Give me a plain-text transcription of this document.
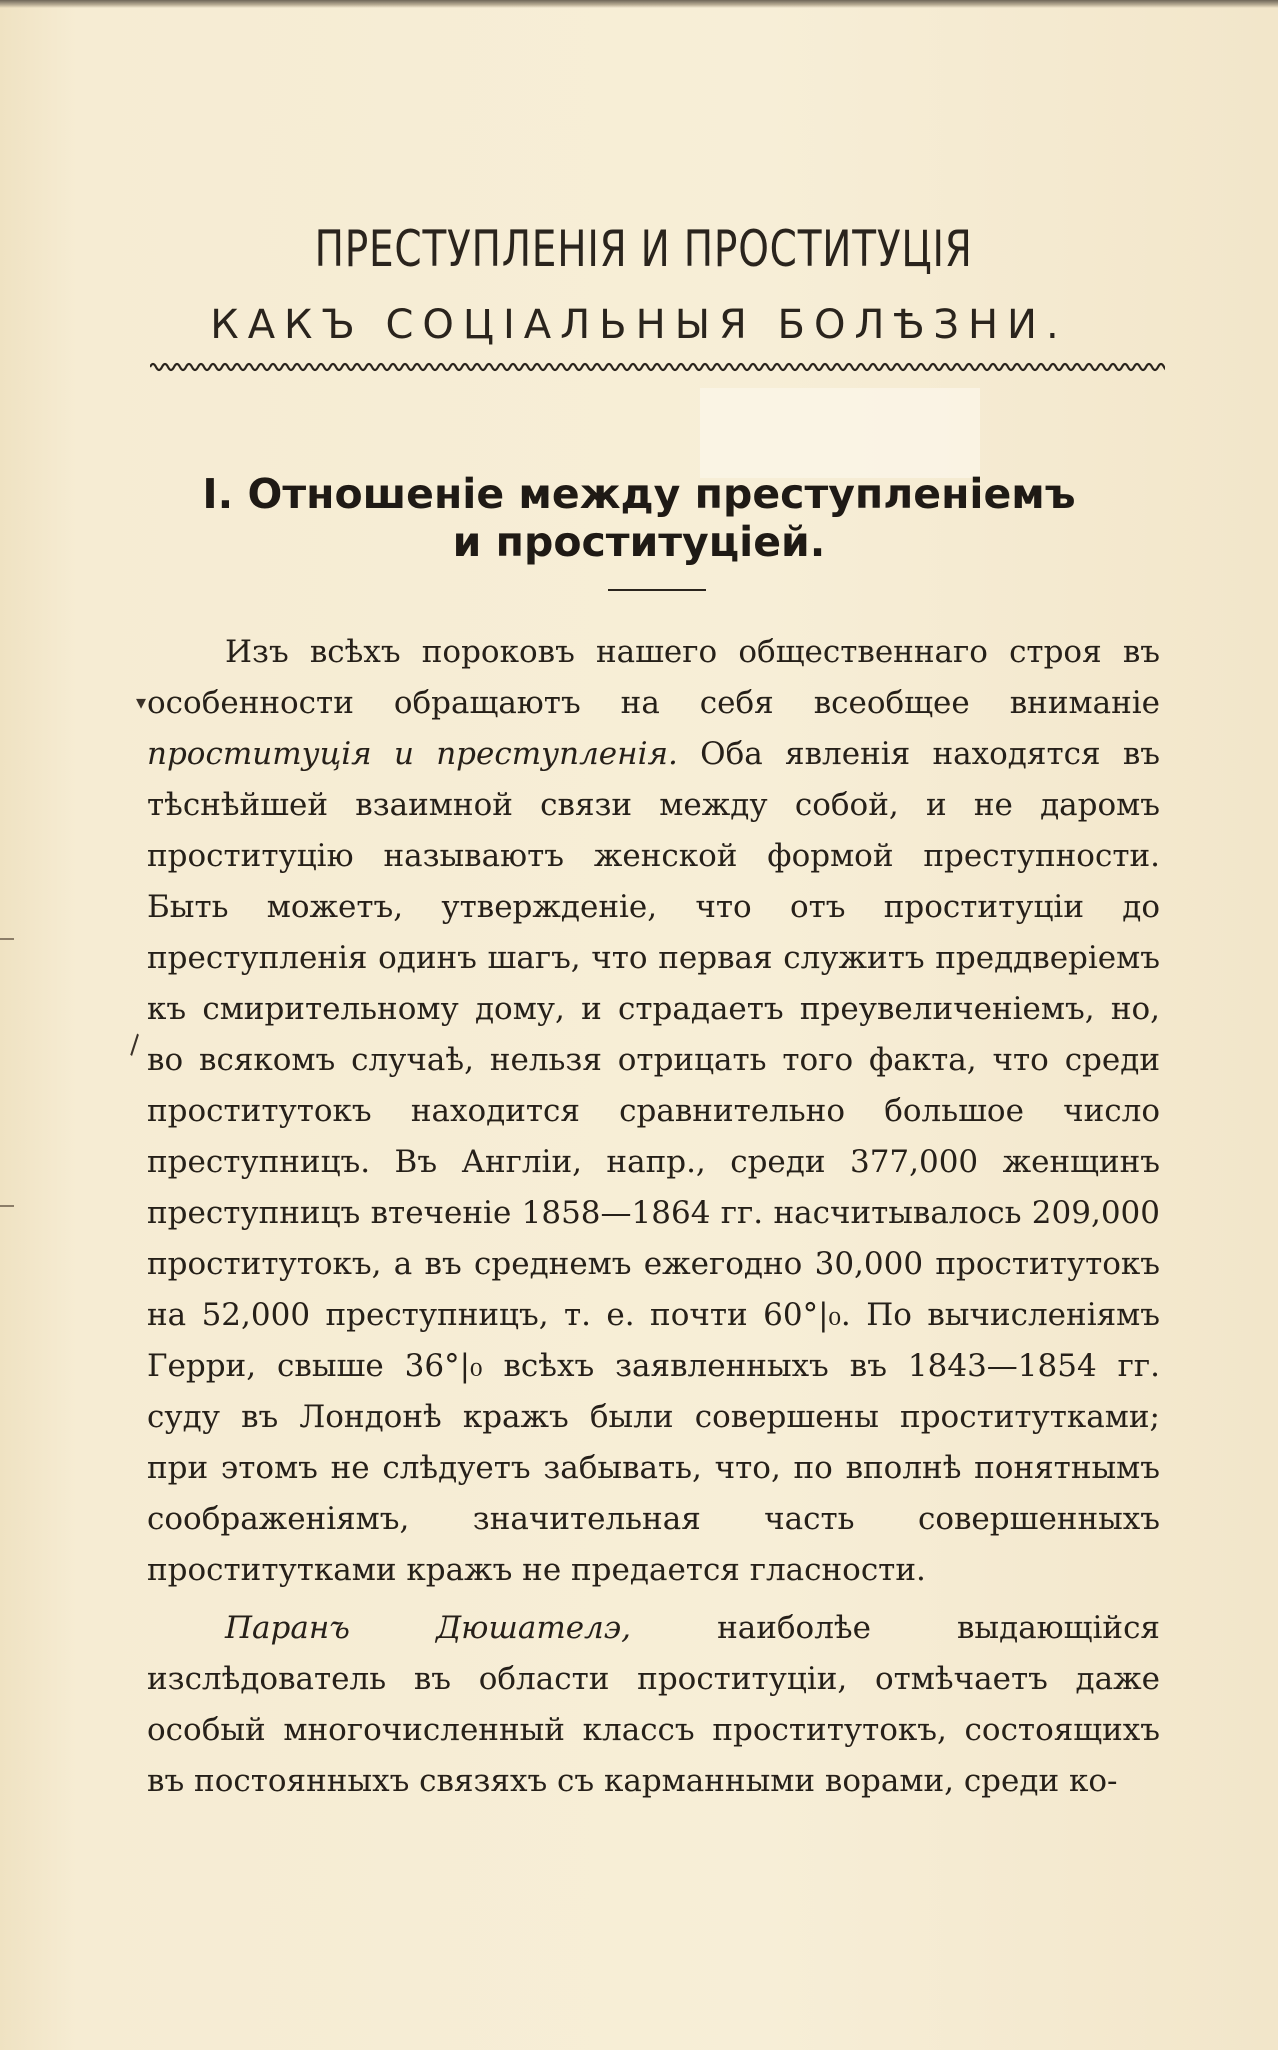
ПРЕСТУПЛЕНІЯ И ПРОСТИТУЦІЯ
КАКЪ СОЦІАЛЬНЫЯ БОЛѢЗНИ.
I. Отношеніе между преступленіемъ
и проституціей.

Изъ всѣхъ пороковъ нашего общественнаго строя въ особенности обращаютъ на себя всеобщее вниманіе проституція и преступленія. Оба явленія находятся въ тѣснѣйшей взаимной связи между собой, и не даромъ проституцію называютъ женской формой преступности. Быть можетъ, утвержденіе, что отъ проституціи до преступленія одинъ шагъ, что первая служитъ преддверіемъ къ смирительному дому, и страдаетъ преувеличеніемъ, но, во всякомъ случаѣ, нельзя отрицать того факта, что среди проститутокъ находится сравнительно большое число преступницъ. Въ Англіи, напр., среди 377,000 женщинъ преступницъ втеченіе 1858—1864 гг. насчитывалось 209,000 проститутокъ, а въ среднемъ ежегодно 30,000 проститутокъ на 52,000 преступницъ, т. е. почти 60°|₀. По вычисленіямъ Герри, свыше 36°|₀ всѣхъ заявленныхъ въ 1843—1854 гг. суду въ Лондонѣ кражъ были совершены проститутками; при этомъ не слѣдуетъ забывать, что, по вполнѣ понятнымъ соображеніямъ, значительная часть совершенныхъ проститутками кражъ не предается гласности.

Паранъ Дюшателэ, наиболѣе выдающійся изслѣдователь въ области проституціи, отмѣчаетъ даже особый многочисленный классъ проститутокъ, состоящихъ въ постоянныхъ связяхъ съ карманными ворами, среди ко-

▾
\
